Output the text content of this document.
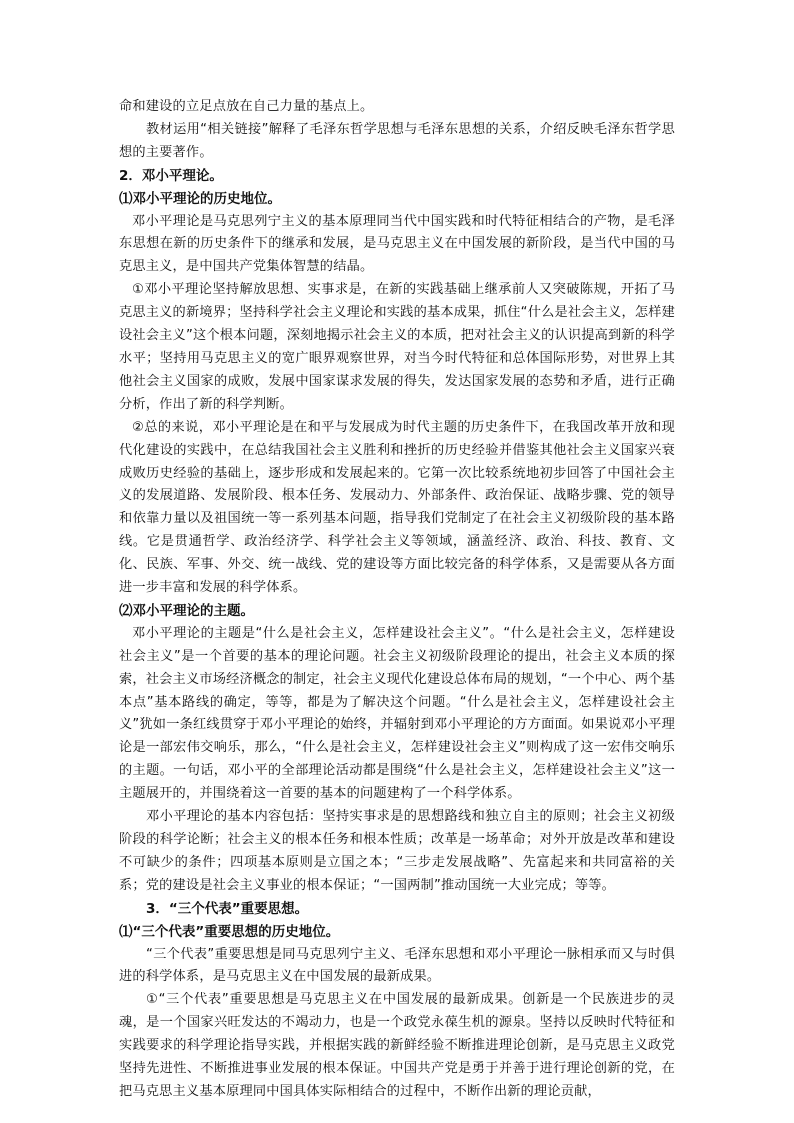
命和建设的立足点放在自己力量的基点上。

教材运用“相关链接”解释了毛泽东哲学思想与毛泽东思想的关系，介绍反映毛泽东哲学思想的主要著作。

2．邓小平理论。

⑴邓小平理论的历史地位。

邓小平理论是马克思列宁主义的基本原理同当代中国实践和时代特征相结合的产物，是毛泽东思想在新的历史条件下的继承和发展，是马克思主义在中国发展的新阶段，是当代中国的马克思主义，是中国共产党集体智慧的结晶。

①邓小平理论坚持解放思想、实事求是，在新的实践基础上继承前人又突破陈规，开拓了马克思主义的新境界；坚持科学社会主义理论和实践的基本成果，抓住“什么是社会主义，怎样建设社会主义”这个根本问题，深刻地揭示社会主义的本质，把对社会主义的认识提高到新的科学水平；坚持用马克思主义的宽广眼界观察世界，对当今时代特征和总体国际形势，对世界上其他社会主义国家的成败，发展中国家谋求发展的得失，发达国家发展的态势和矛盾，进行正确分析，作出了新的科学判断。

②总的来说，邓小平理论是在和平与发展成为时代主题的历史条件下，在我国改革开放和现代化建设的实践中，在总结我国社会主义胜利和挫折的历史经验并借鉴其他社会主义国家兴衰成败历史经验的基础上，逐步形成和发展起来的。它第一次比较系统地初步回答了中国社会主义的发展道路、发展阶段、根本任务、发展动力、外部条件、政治保证、战略步骤、党的领导和依靠力量以及祖国统一等一系列基本问题，指导我们党制定了在社会主义初级阶段的基本路线。它是贯通哲学、政治经济学、科学社会主义等领域，涵盖经济、政治、科技、教育、文化、民族、军事、外交、统一战线、党的建设等方面比较完备的科学体系，又是需要从各方面进一步丰富和发展的科学体系。

⑵邓小平理论的主题。

邓小平理论的主题是“什么是社会主义，怎样建设社会主义”。“什么是社会主义，怎样建设社会主义”是一个首要的基本的理论问题。社会主义初级阶段理论的提出，社会主义本质的探索，社会主义市场经济概念的制定，社会主义现代化建设总体布局的规划，“一个中心、两个基本点”基本路线的确定，等等，都是为了解决这个问题。“什么是社会主义，怎样建设社会主义”犹如一条红线贯穿于邓小平理论的始终，并辐射到邓小平理论的方方面面。如果说邓小平理论是一部宏伟交响乐，那么，“什么是社会主义，怎样建设社会主义”则构成了这一宏伟交响乐的主题。一句话，邓小平的全部理论活动都是围绕“什么是社会主义，怎样建设社会主义”这一主题展开的，并围绕着这一首要的基本的问题建构了一个科学体系。

邓小平理论的基本内容包括：坚持实事求是的思想路线和独立自主的原则；社会主义初级阶段的科学论断；社会主义的根本任务和根本性质；改革是一场革命；对外开放是改革和建设不可缺少的条件；四项基本原则是立国之本；“三步走发展战略”、先富起来和共同富裕的关系；党的建设是社会主义事业的根本保证；“一国两制”推动国统一大业完成；等等。

3．“三个代表”重要思想。

⑴“三个代表”重要思想的历史地位。

“三个代表”重要思想是同马克思列宁主义、毛泽东思想和邓小平理论一脉相承而又与时俱进的科学体系，是马克思主义在中国发展的最新成果。

①“三个代表”重要思想是马克思主义在中国发展的最新成果。创新是一个民族进步的灵魂，是一个国家兴旺发达的不竭动力，也是一个政党永葆生机的源泉。坚持以反映时代特征和实践要求的科学理论指导实践，并根据实践的新鲜经验不断推进理论创新，是马克思主义政党坚持先进性、不断推进事业发展的根本保证。中国共产党是勇于并善于进行理论创新的党，在把马克思主义基本原理同中国具体实际相结合的过程中，不断作出新的理论贡献，
